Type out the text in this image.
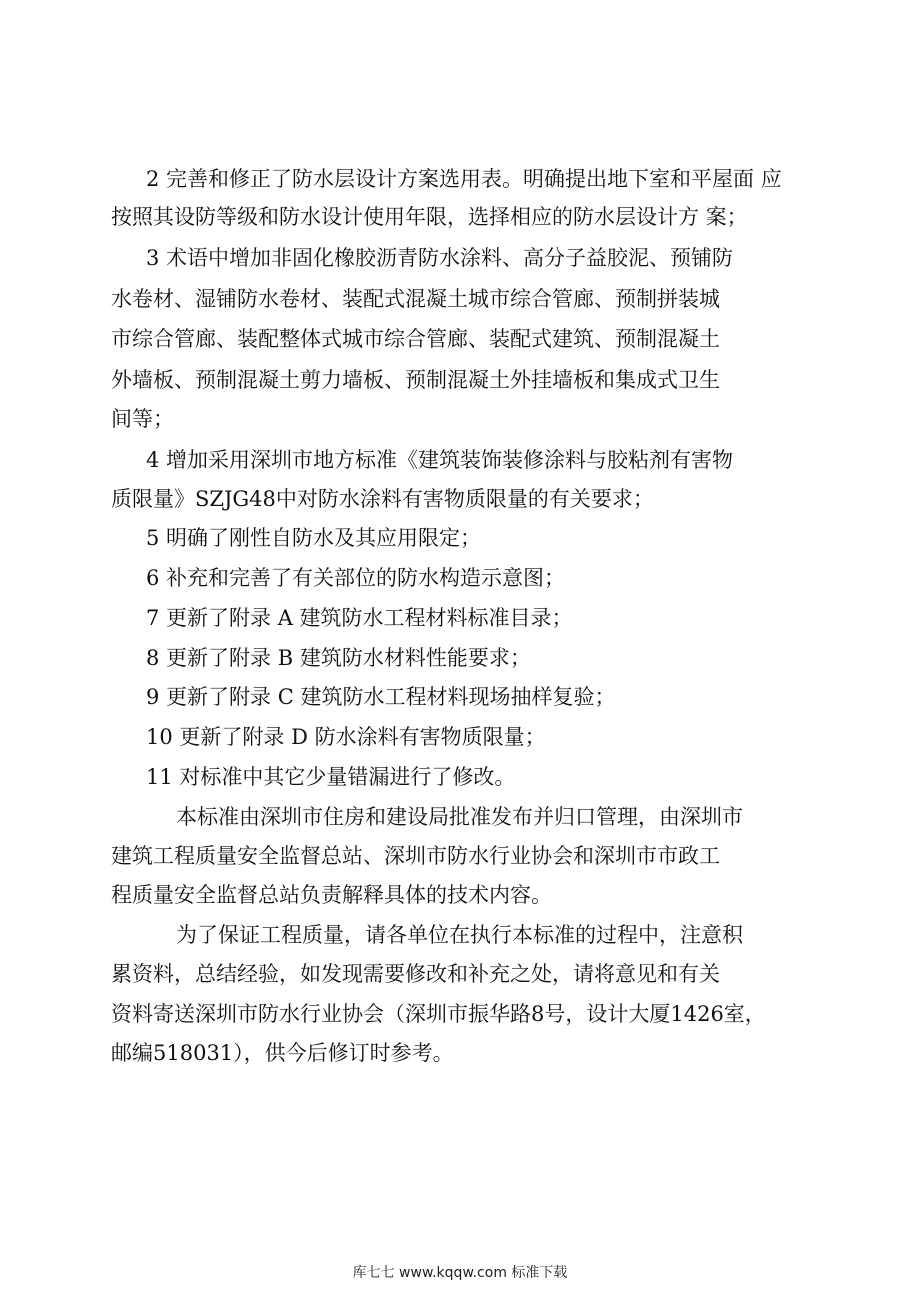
2 完善和修正了防水层设计方案选用表。明确提出地下室和平屋面 应
按照其设防等级和防水设计使用年限，选择相应的防水层设计方 案；
3 术语中增加非固化橡胶沥青防水涂料、高分子益胶泥、预铺防
水卷材、湿铺防水卷材、装配式混凝土城市综合管廊、预制拼装城
市综合管廊、装配整体式城市综合管廊、装配式建筑、预制混凝土
外墙板、预制混凝土剪力墙板、预制混凝土外挂墙板和集成式卫生
间等；
4 增加采用深圳市地方标准《建筑装饰装修涂料与胶粘剂有害物
质限量》SZJG48中对防水涂料有害物质限量的有关要求；
5 明确了刚性自防水及其应用限定；
6 补充和完善了有关部位的防水构造示意图；
7 更新了附录 A 建筑防水工程材料标准目录；
8 更新了附录 B 建筑防水材料性能要求；
9 更新了附录 C 建筑防水工程材料现场抽样复验；
10 更新了附录 D 防水涂料有害物质限量；
11 对标准中其它少量错漏进行了修改。
本标准由深圳市住房和建设局批准发布并归口管理，由深圳市
建筑工程质量安全监督总站、深圳市防水行业协会和深圳市市政工
程质量安全监督总站负责解释具体的技术内容。
为了保证工程质量，请各单位在执行本标准的过程中，注意积
累资料，总结经验，如发现需要修改和补充之处，请将意见和有关
资料寄送深圳市防水行业协会（深圳市振华路8号，设计大厦1426室，
邮编518031），供今后修订时参考。
库七七 www.kqqw.com 标准下载
